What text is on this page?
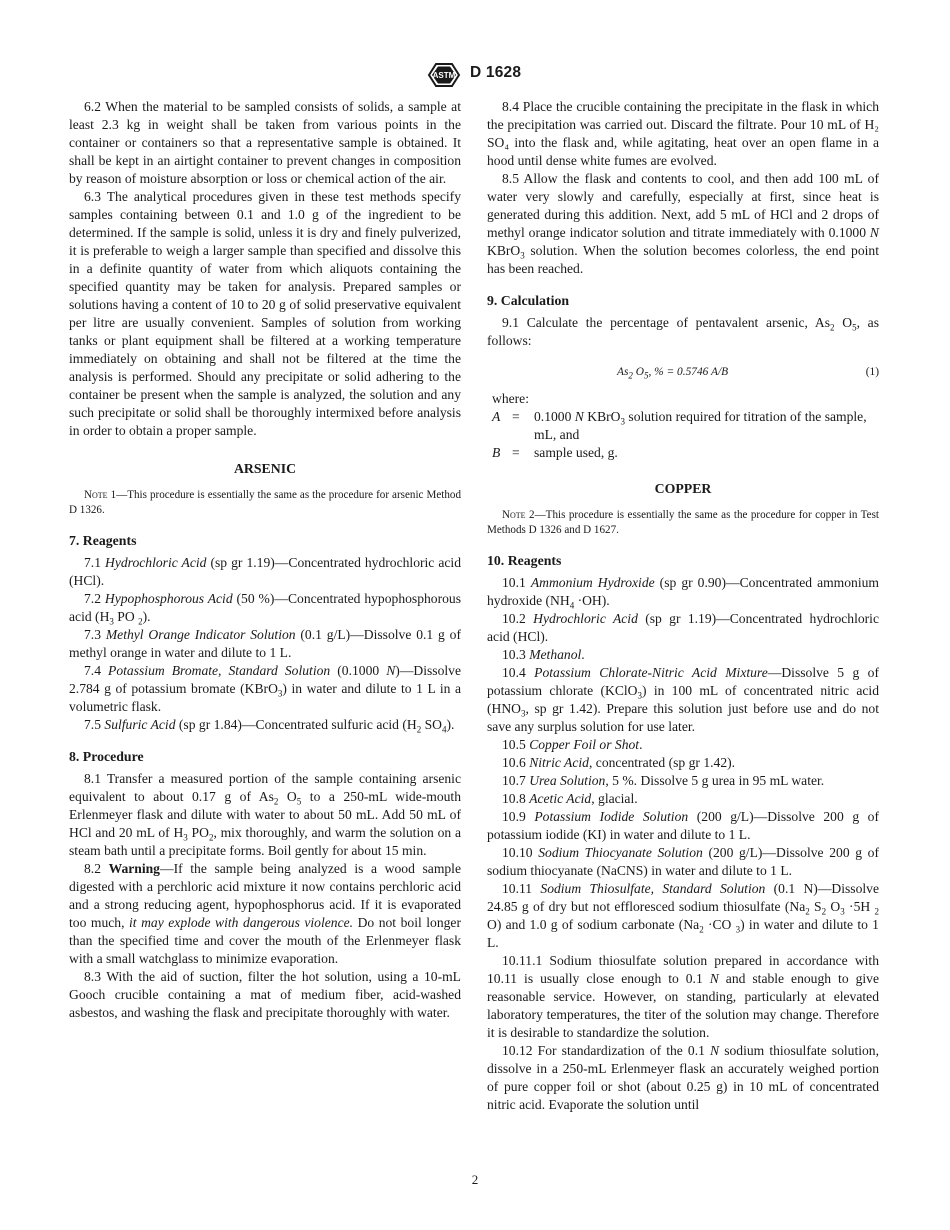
ASTM D 1628

6.2 When the material to be sampled consists of solids, a sample at least 2.3 kg in weight shall be taken from various points in the container or containers so that a representative sample is obtained. It shall be kept in an airtight container to prevent changes in composition by reason of moisture absorption or loss or chemical action of the air.

6.3 The analytical procedures given in these test methods specify samples containing between 0.1 and 1.0 g of the ingredient to be determined. If the sample is solid, unless it is dry and finely pulverized, it is preferable to weigh a larger sample than specified and dissolve this in a definite quantity of water from which aliquots containing the specified quantity may be taken for analysis. Prepared samples or solutions having a content of 10 to 20 g of solid preservative equivalent per litre are usually convenient. Samples of solution from working tanks or plant equipment shall be filtered at a working temperature immediately on obtaining and shall not be filtered at the time the analysis is performed. Should any precipitate or solid adhering to the container be present when the sample is analyzed, the solution and any such precipitate or solid shall be thoroughly intermixed before analysis in order to obtain a proper sample.

ARSENIC

Note 1—This procedure is essentially the same as the procedure for arsenic Method D 1326.

7. Reagents

7.1 Hydrochloric Acid (sp gr 1.19)—Concentrated hydrochloric acid (HCl).

7.2 Hypophosphorous Acid (50 %)—Concentrated hypophosphorous acid ($H_3$ PO $_2$).

7.3 Methyl Orange Indicator Solution (0.1 g/L)—Dissolve 0.1 g of methyl orange in water and dilute to 1 L.

7.4 Potassium Bromate, Standard Solution (0.1000 N)—Dissolve 2.784 g of potassium bromate (KBrO$_3$) in water and dilute to 1 L in a volumetric flask.

7.5 Sulfuric Acid (sp gr 1.84)—Concentrated sulfuric acid ($H_2$ $SO_4$).

8. Procedure

8.1 Transfer a measured portion of the sample containing arsenic equivalent to about 0.17 g of $As_2$ $O_5$ to a 250-mL wide-mouth Erlenmeyer flask and dilute with water to about 50 mL. Add 50 mL of HCl and 20 mL of $H_3$ $PO_2$, mix thoroughly, and warm the solution on a steam bath until a precipitate forms. Boil gently for about 15 min.

8.2 Warning—If the sample being analyzed is a wood sample digested with a perchloric acid mixture it now contains perchloric acid and a strong reducing agent, hypophosphorus acid. If it is evaporated too much, it may explode with dangerous violence. Do not boil longer than the specified time and cover the mouth of the Erlenmeyer flask with a small watchglass to minimize evaporation.

8.3 With the aid of suction, filter the hot solution, using a 10-mL Gooch crucible containing a mat of medium fiber, acid-washed asbestos, and washing the flask and precipitate thoroughly with water.

8.4 Place the crucible containing the precipitate in the flask in which the precipitation was carried out. Discard the filtrate. Pour 10 mL of H₂ SO₄ into the flask and, while agitating, heat over an open flame in a hood until dense white fumes are evolved.

8.5 Allow the flask and contents to cool, and then add 100 mL of water very slowly and carefully, especially at first, since heat is generated during this addition. Next, add 5 mL of HCl and 2 drops of methyl orange indicator solution and titrate immediately with 0.1000 N KBrO$_3$ solution. When the solution becomes colorless, the end point has been reached.

9. Calculation

9.1 Calculate the percentage of pentavalent arsenic, $As_2$ $O_5$, as follows:

$As_2$ $O_5$, % = 0.5746 A/B	(1)
where:
A =	0.1000 N KBrO$_3$ solution required for titration of the sample, mL, and
B =	sample used, g.
COPPER

Note 2—This procedure is essentially the same as the procedure for copper in Test Methods D 1326 and D 1627.

10. Reagents

10.1 Ammonium Hydroxide (sp gr 0.90)—Concentrated ammonium hydroxide $(NH_4 \cdot OH)$.

10.2 Hydrochloric Acid (sp gr 1.19)—Concentrated hydrochloric acid (HCl).

10.3 Methanol.

10.4 Potassium Chlorate-Nitric Acid Mixture—Dissolve 5 g of potassium chlorate (KClO$_3$) in 100 mL of concentrated nitric acid ($HNO_3$, sp gr 1.42). Prepare this solution just before use and do not save any surplus solution for use later.

10.5 Copper Foil or Shot.

10.6 Nitric Acid, concentrated (sp gr 1.42).

10.7 Urea Solution, 5 %. Dissolve 5 g urea in 95 mL water.

10.8 Acetic Acid, glacial.

10.9 Potassium Iodide Solution (200 g/L)—Dissolve 200 g of potassium iodide (KI) in water and dilute to 1 L.

10.10 Sodium Thiocyanate Solution (200 g/L)—Dissolve 200 g of sodium thiocyanate (NaCNS) in water and dilute to 1 L.

10.11 Sodium Thiosulfate, Standard Solution (0.1 N)—Dissolve 24.85 g of dry but not effloresced sodium thiosulfate ($Na_2$ $S_2$ $O_3 \cdot 5H$ $_2$ O) and 1.0 g of sodium carbonate ($Na_2 \cdot CO$ $_3$) in water and dilute to 1 L.

10.11.1 Sodium thiosulfate solution prepared in accordance with 10.11 is usually close enough to 0.1 N and stable enough to give reasonable service. However, on standing, particularly at elevated laboratory temperatures, the titer of the solution may change. Therefore it is desirable to standardize the solution.

10.12 For standardization of the 0.1 N sodium thiosulfate solution, dissolve in a 250-mL Erlenmeyer flask an accurately weighed portion of pure copper foil or shot (about 0.25 g) in 10 mL of concentrated nitric acid. Evaporate the solution until

2
